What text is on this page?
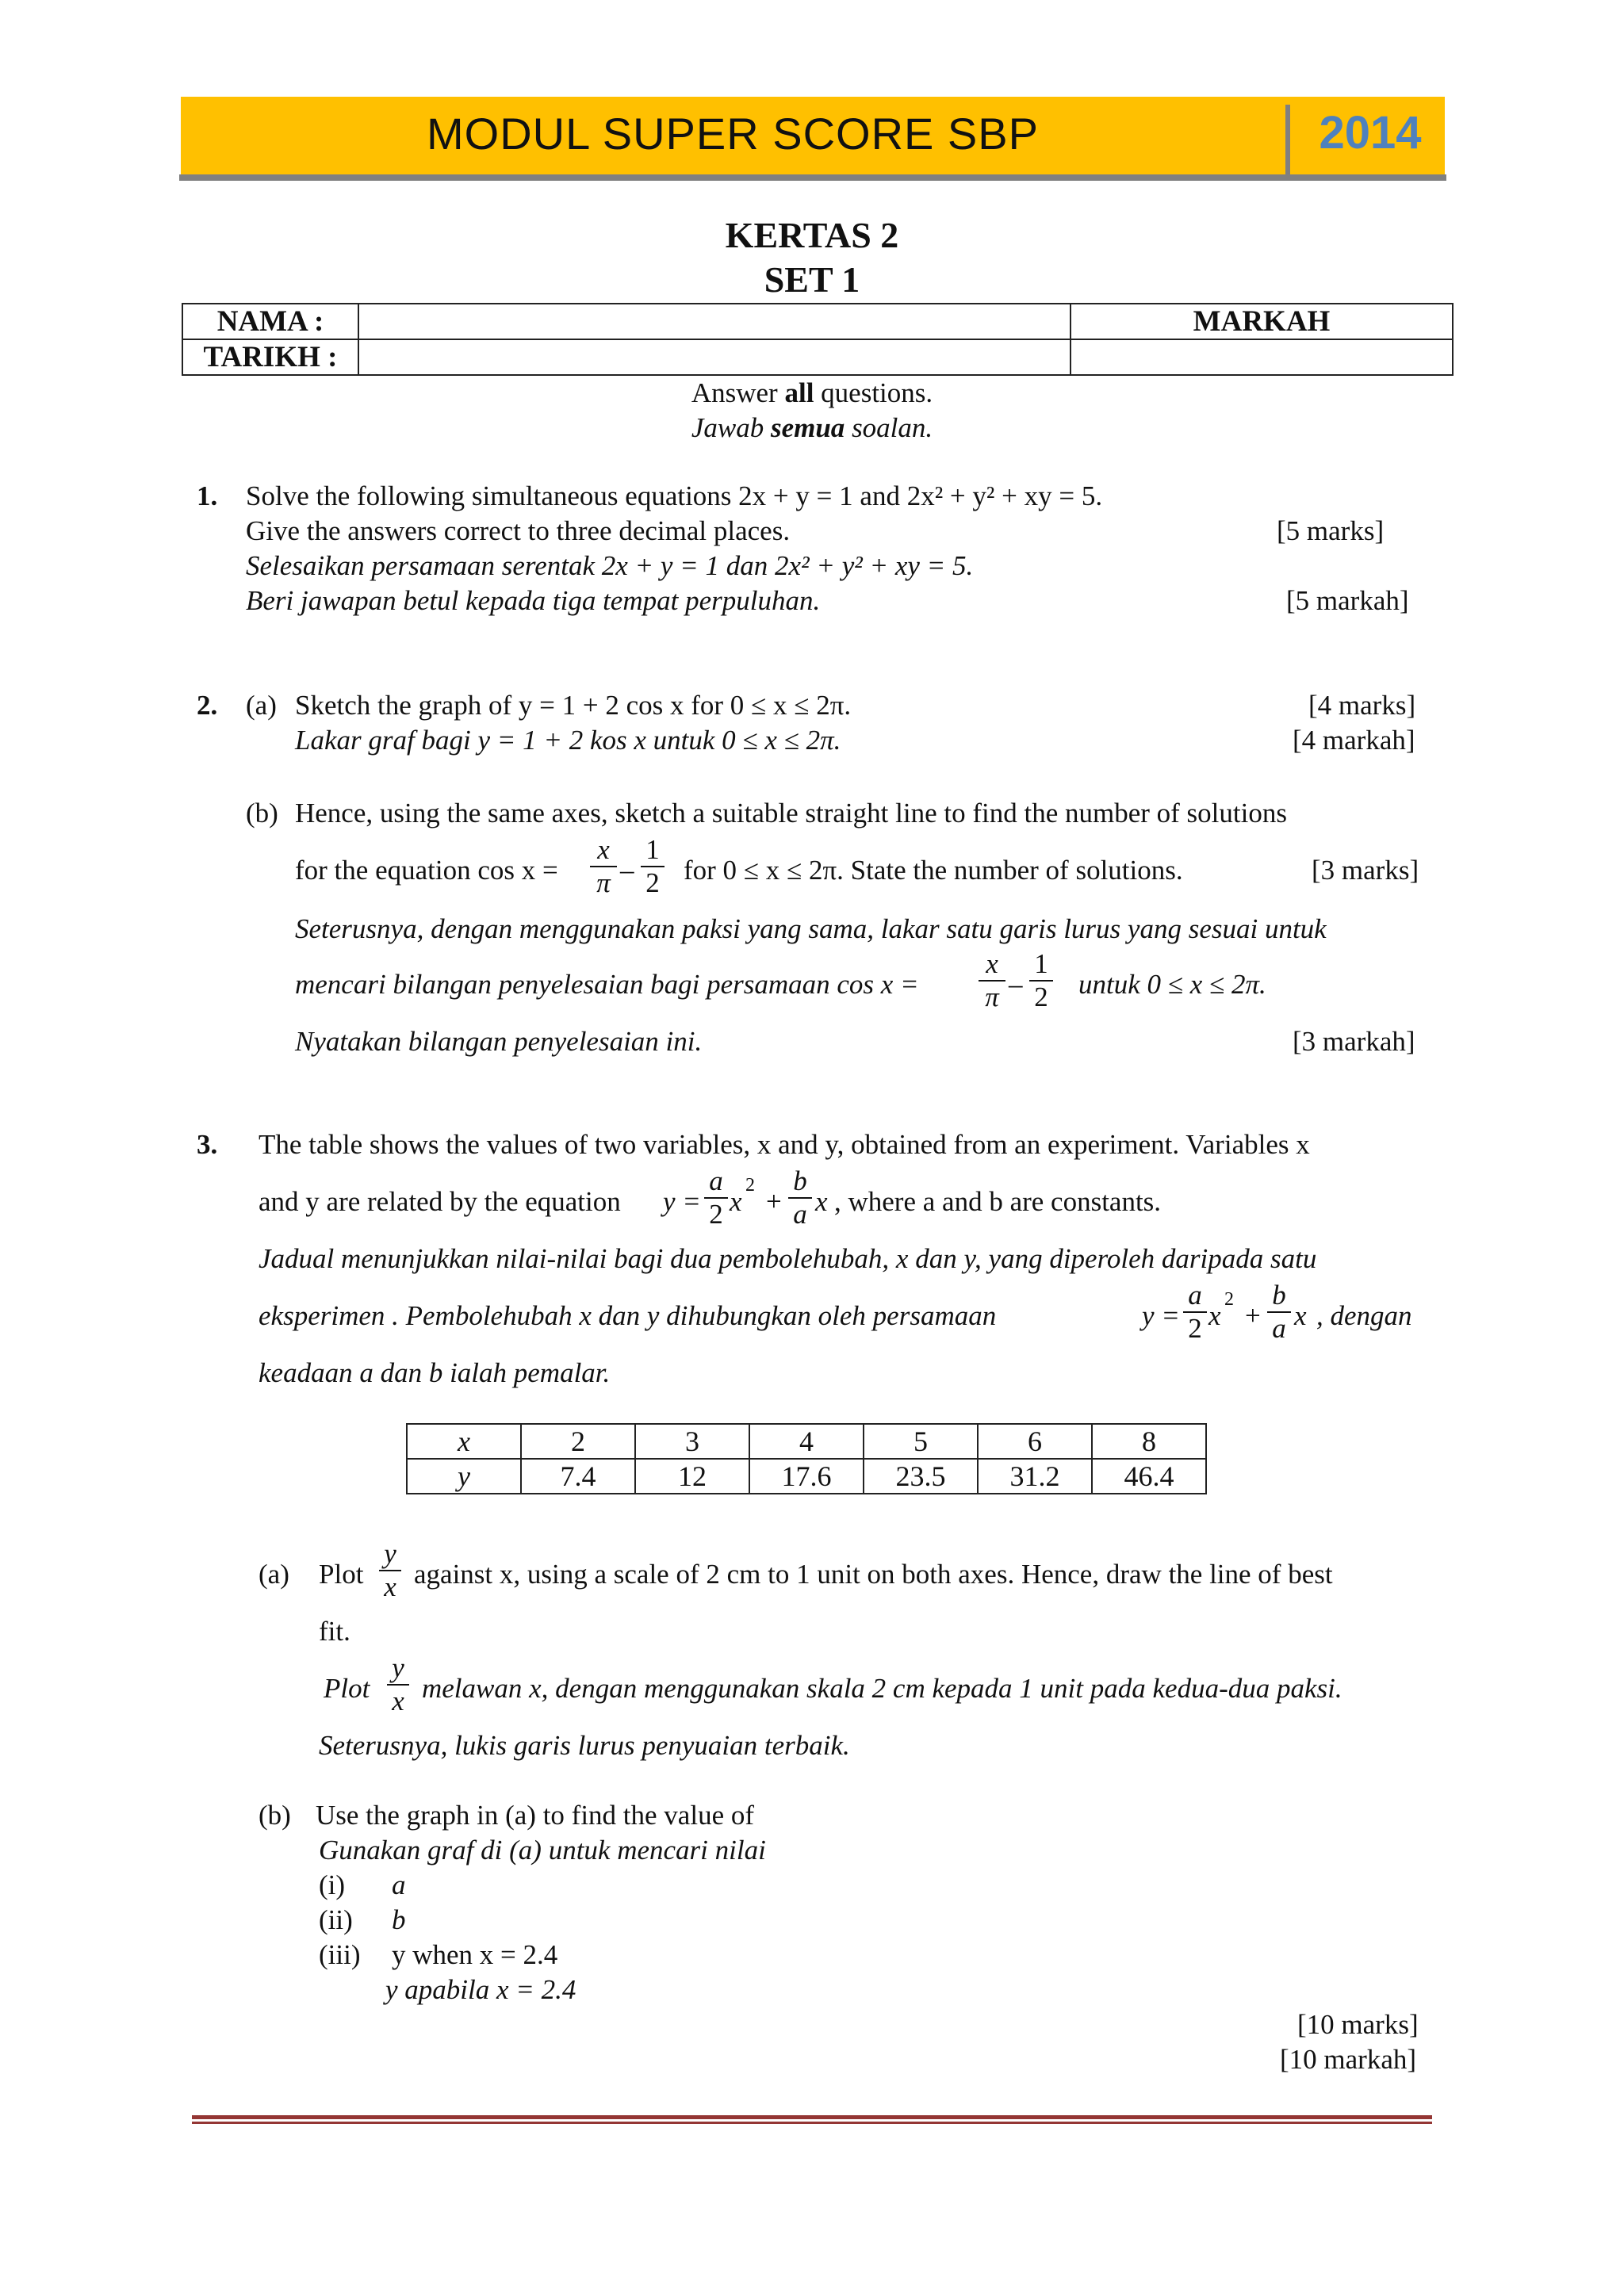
MODUL SUPER SCORE SBP	2014
KERTAS 2
SET 1
NAMA :		MARKAH
TARIKH :		
Answer all questions.
Jawab semua soalan.
1. Solve the following simultaneous equations 2x + y = 1 and 2x² + y² + xy = 5.
Give the answers correct to three decimal places.	[5 marks]
Selesaikan persamaan serentak 2x + y = 1 dan 2x² + y² + xy = 5.
Beri jawapan betul kepada tiga tempat perpuluhan.	[5 markah]
2. (a) Sketch the graph of y = 1 + 2 cos x for 0 ≤ x ≤ 2π.	[4 marks]
Lakar graf bagi y = 1 + 2 kos x untuk 0 ≤ x ≤ 2π.	[4 markah]
(b) Hence, using the same axes, sketch a suitable straight line to find the number of solutions
for the equation $\cos x = \frac{x}{\pi} - \frac{1}{2}$ for 0 ≤ x ≤ 2π. State the number of solutions.	[3 marks]
Seterusnya, dengan menggunakan paksi yang sama, lakar satu garis lurus yang sesuai untuk
mencari bilangan penyelesaian bagi persamaan $\cos x = \frac{x}{\pi} - \frac{1}{2}$ untuk 0 ≤ x ≤ 2π.
Nyatakan bilangan penyelesaian ini.	[3 markah]
3. The table shows the values of two variables, x and y, obtained from an experiment. Variables x
and y are related by the equation $y = \frac{a}{2}$ x
2
+ $\frac{b}{a}$ x , where a and b are constants.
Jadual menunjukkan nilai-nilai bagi dua pembolehubah, x dan y, yang diperoleh daripada satu
eksperimen . Pembolehubah x dan y dihubungkan oleh persamaan	$y = \frac{a}{2}$ x
2
+ $\frac{b}{a}$ x , dengan
keadaan a dan b ialah pemalar.
x	2	3	4	5	6	8
y	7.4	12	17.6	23.5	31.2	46.4
(a) Plot $\frac{y}{x}$ against x, using a scale of 2 cm to 1 unit on both axes. Hence, draw the line of best
fit.
Plot $\frac{y}{x}$ melawan x, dengan menggunakan skala 2 cm kepada 1 unit pada kedua-dua paksi.
Seterusnya, lukis garis lurus penyuaian terbaik.
(b) Use the graph in (a) to find the value of
Gunakan graf di (a) untuk mencari nilai
(i) a
(ii) b
(iii) y when x = 2.4
y apabila x = 2.4
[10 marks]
[10 markah]
